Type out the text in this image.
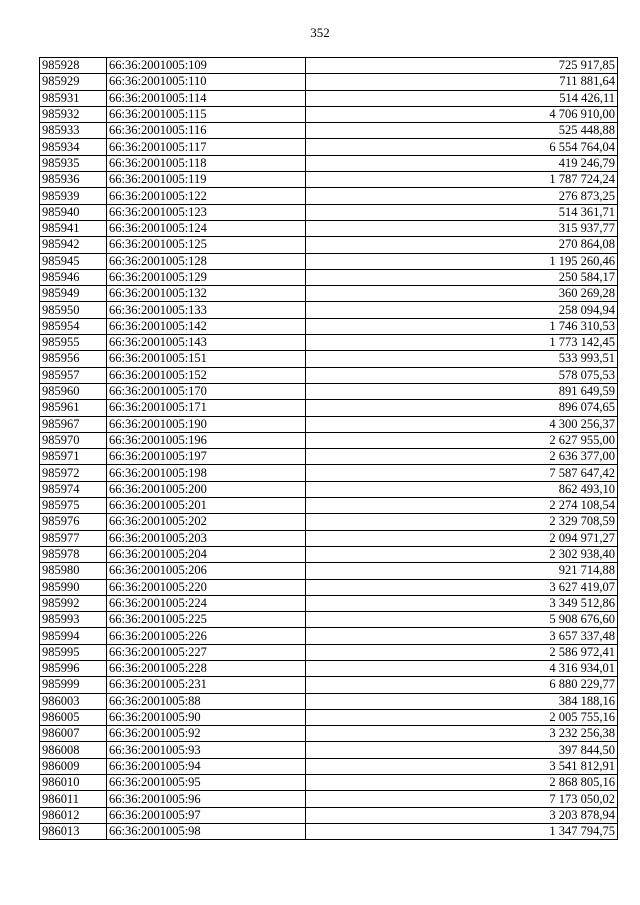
352
985928	66:36:2001005:109	725 917,85
985929	66:36:2001005:110	711 881,64
985931	66:36:2001005:114	514 426,11
985932	66:36:2001005:115	4 706 910,00
985933	66:36:2001005:116	525 448,88
985934	66:36:2001005:117	6 554 764,04
985935	66:36:2001005:118	419 246,79
985936	66:36:2001005:119	1 787 724,24
985939	66:36:2001005:122	276 873,25
985940	66:36:2001005:123	514 361,71
985941	66:36:2001005:124	315 937,77
985942	66:36:2001005:125	270 864,08
985945	66:36:2001005:128	1 195 260,46
985946	66:36:2001005:129	250 584,17
985949	66:36:2001005:132	360 269,28
985950	66:36:2001005:133	258 094,94
985954	66:36:2001005:142	1 746 310,53
985955	66:36:2001005:143	1 773 142,45
985956	66:36:2001005:151	533 993,51
985957	66:36:2001005:152	578 075,53
985960	66:36:2001005:170	891 649,59
985961	66:36:2001005:171	896 074,65
985967	66:36:2001005:190	4 300 256,37
985970	66:36:2001005:196	2 627 955,00
985971	66:36:2001005:197	2 636 377,00
985972	66:36:2001005:198	7 587 647,42
985974	66:36:2001005:200	862 493,10
985975	66:36:2001005:201	2 274 108,54
985976	66:36:2001005:202	2 329 708,59
985977	66:36:2001005:203	2 094 971,27
985978	66:36:2001005:204	2 302 938,40
985980	66:36:2001005:206	921 714,88
985990	66:36:2001005:220	3 627 419,07
985992	66:36:2001005:224	3 349 512,86
985993	66:36:2001005:225	5 908 676,60
985994	66:36:2001005:226	3 657 337,48
985995	66:36:2001005:227	2 586 972,41
985996	66:36:2001005:228	4 316 934,01
985999	66:36:2001005:231	6 880 229,77
986003	66:36:2001005:88	384 188,16
986005	66:36:2001005:90	2 005 755,16
986007	66:36:2001005:92	3 232 256,38
986008	66:36:2001005:93	397 844,50
986009	66:36:2001005:94	3 541 812,91
986010	66:36:2001005:95	2 868 805,16
986011	66:36:2001005:96	7 173 050,02
986012	66:36:2001005:97	3 203 878,94
986013	66:36:2001005:98	1 347 794,75
